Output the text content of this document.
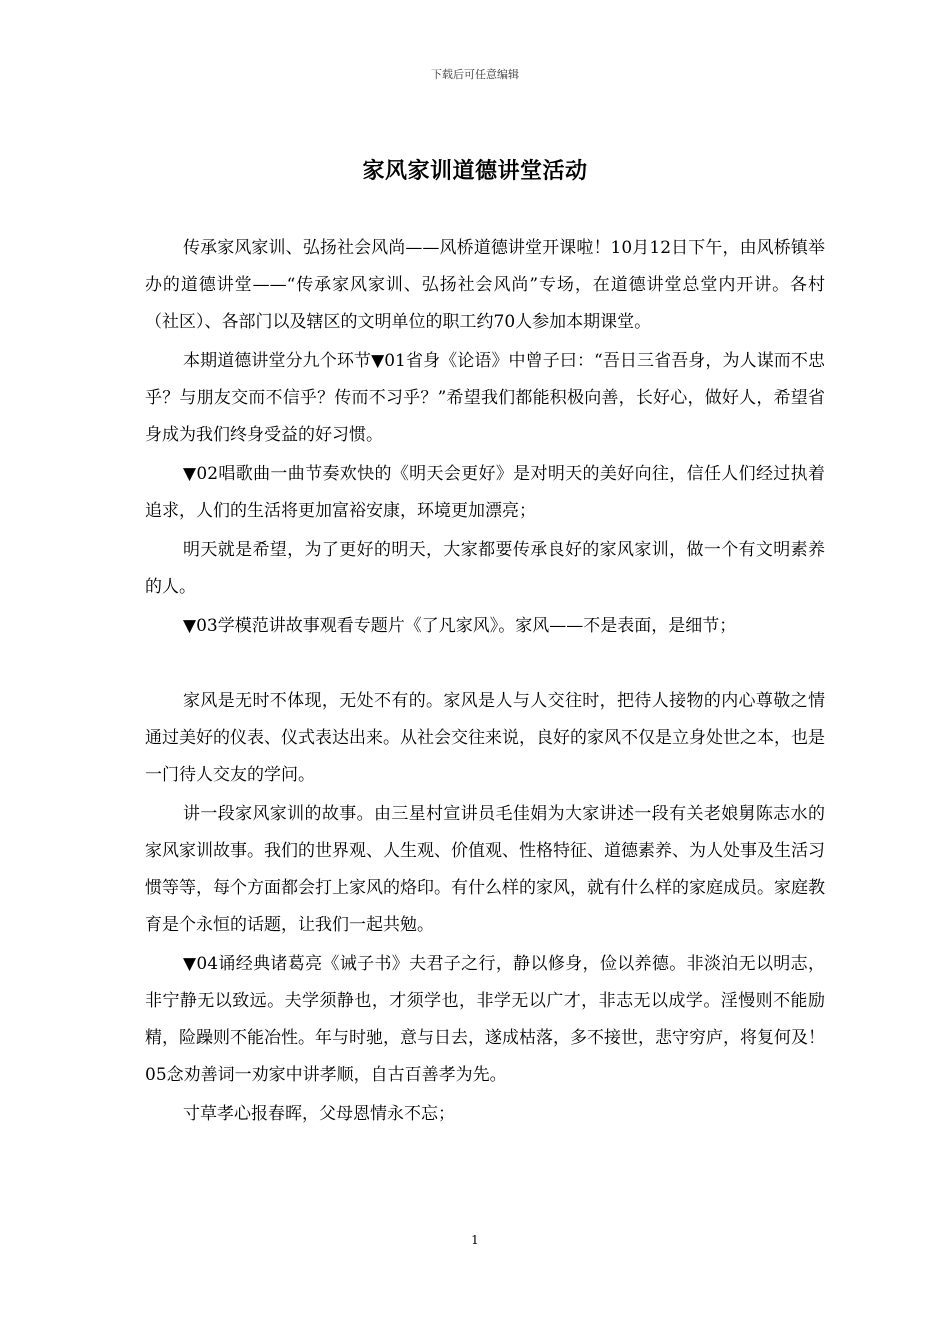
下载后可任意编辑
家风家训道德讲堂活动

传承家风家训、弘扬社会风尚——风桥道德讲堂开课啦！10月12日下午，由风桥镇举办的道德讲堂——“传承家风家训、弘扬社会风尚”专场，在道德讲堂总堂内开讲。各村（社区）、各部门以及辖区的文明单位的职工约70人参加本期课堂。

本期道德讲堂分九个环节▼01省身《论语》中曾子曰：“吾日三省吾身，为人谋而不忠乎？与朋友交而不信乎？传而不习乎？”希望我们都能积极向善，长好心，做好人，希望省身成为我们终身受益的好习惯。

▼02唱歌曲一曲节奏欢快的《明天会更好》是对明天的美好向往，信任人们经过执着追求，人们的生活将更加富裕安康，环境更加漂亮；

明天就是希望，为了更好的明天，大家都要传承良好的家风家训，做一个有文明素养的人。

▼03学模范讲故事观看专题片《了凡家风》。家风——不是表面，是细节；

家风是无时不体现，无处不有的。家风是人与人交往时，把待人接物的内心尊敬之情通过美好的仪表、仪式表达出来。从社会交往来说，良好的家风不仅是立身处世之本，也是一门待人交友的学问。

讲一段家风家训的故事。由三星村宣讲员毛佳娟为大家讲述一段有关老娘舅陈志水的家风家训故事。我们的世界观、人生观、价值观、性格特征、道德素养、为人处事及生活习惯等等，每个方面都会打上家风的烙印。有什么样的家风，就有什么样的家庭成员。家庭教育是个永恒的话题，让我们一起共勉。

▼04诵经典诸葛亮《诫子书》夫君子之行，静以修身，俭以养德。非淡泊无以明志，非宁静无以致远。夫学须静也，才须学也，非学无以广才，非志无以成学。淫慢则不能励精，险躁则不能冶性。年与时驰，意与日去，遂成枯落，多不接世，悲守穷庐，将复何及！05念劝善词一劝家中讲孝顺，自古百善孝为先。

寸草孝心报春晖，父母恩情永不忘；

1
